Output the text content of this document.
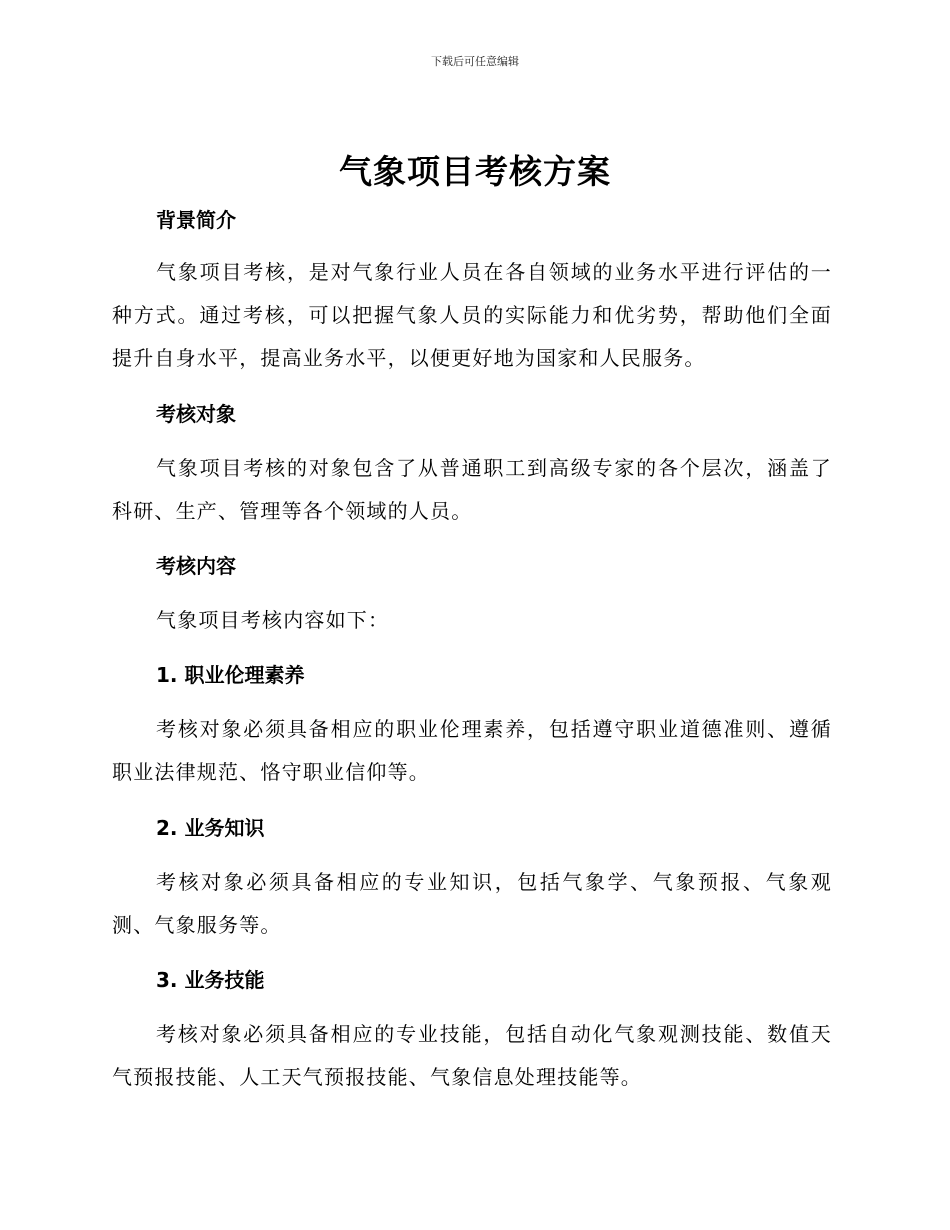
下载后可任意编辑
气象项目考核方案
背景简介

气象项目考核，是对气象行业人员在各自领域的业务水平进行评估的一种方式。通过考核，可以把握气象人员的实际能力和优劣势，帮助他们全面提升自身水平，提高业务水平，以便更好地为国家和人民服务。

考核对象

气象项目考核的对象包含了从普通职工到高级专家的各个层次，涵盖了科研、生产、管理等各个领域的人员。

考核内容

气象项目考核内容如下：

1. 职业伦理素养

考核对象必须具备相应的职业伦理素养，包括遵守职业道德准则、遵循职业法律规范、恪守职业信仰等。

2. 业务知识

考核对象必须具备相应的专业知识，包括气象学、气象预报、气象观测、气象服务等。

3. 业务技能

考核对象必须具备相应的专业技能，包括自动化气象观测技能、数值天气预报技能、人工天气预报技能、气象信息处理技能等。
